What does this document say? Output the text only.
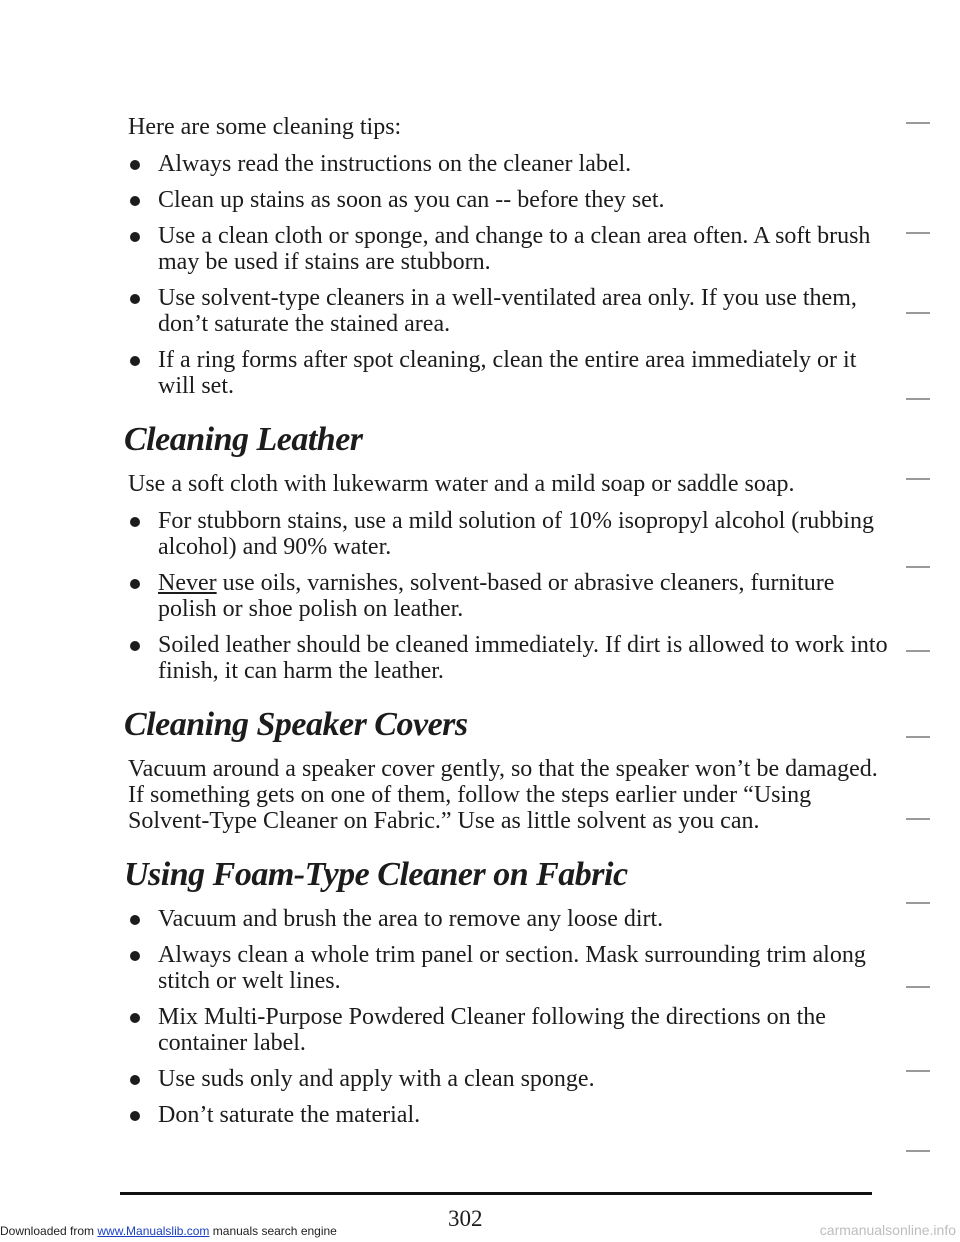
Here are some cleaning tips:

Always read the instructions on the cleaner label.
Clean up stains as soon as you can -- before they set.
Use a clean cloth or sponge, and change to a clean area often. A soft brush may be used if stains are stubborn.
Use solvent-type cleaners in a well-ventilated area only. If you use them, don’t saturate the stained area.
If a ring forms after spot cleaning, clean the entire area immediately or it will set.
Cleaning Leather

Use a soft cloth with lukewarm water and a mild soap or saddle soap.

For stubborn stains, use a mild solution of 10% isopropyl alcohol (rubbing alcohol) and 90% water.
Never use oils, varnishes, solvent-based or abrasive cleaners, furniture polish or shoe polish on leather.
Soiled leather should be cleaned immediately. If dirt is allowed to work into finish, it can harm the leather.
Cleaning Speaker Covers

Vacuum around a speaker cover gently, so that the speaker won’t be damaged. If something gets on one of them, follow the steps earlier under “Using Solvent-Type Cleaner on Fabric.” Use as little solvent as you can.

Using Foam-Type Cleaner on Fabric
Vacuum and brush the area to remove any loose dirt.
Always clean a whole trim panel or section. Mask surrounding trim along stitch or welt lines.
Mix Multi-Purpose Powdered Cleaner following the directions on the container label.
Use suds only and apply with a clean sponge.
Don’t saturate the material.
302
Downloaded from www.Manualslib.com manuals search engine	carmanualsonline.info
